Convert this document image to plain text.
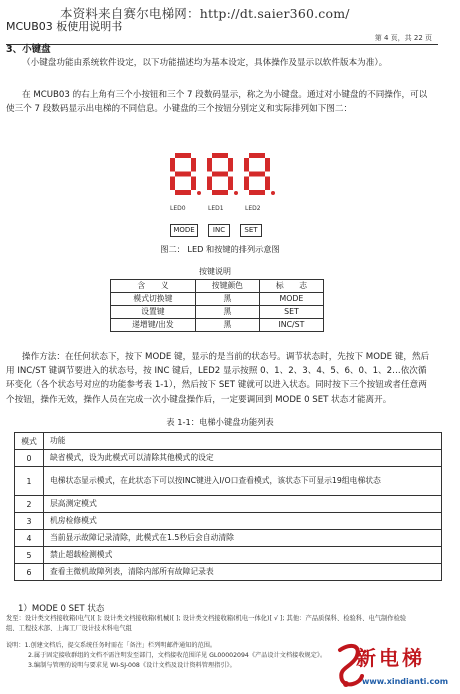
本资料来自赛尔电梯网：http://dt.saier360.com/
MCUB03 板使用说明书
第 4 页，共 22 页
3、小键盘
（小键盘功能由系统软件设定，以下功能描述均为基本设定，具体操作及显示以软件版本为准）。
在 MCUB03 的右上角有三个小按钮和三个 7 段数码显示，称之为小键盘。通过对小键盘的不同操作，可以使三个 7 段数码显示出电梯的不同信息。小键盘的三个按钮分别定义和实际排列如下图二：
LED0	LED1	LED2
MODE	INC	SET
图二： LED 和按键的排列示意图
按键说明
含　　义	按键颜色	标　　志
模式切换键	黑	MODE
设置键	黑	SET
递增键/出发	黑	INC/ST
操作方法：在任何状态下，按下 MODE 键，显示的是当前的状态号。调节状态时，先按下 MODE 键，然后用 INC/ST 键调节要进入的状态号，按 INC 键后，LED2 显示按照 0、1、2、3、4、5、6、0、1、2…依次循环变化（各个状态号对应的功能参考表 1-1），然后按下 SET 键就可以进入状态。同时按下三个按钮或者任意两个按钮，操作无效，操作人员在完成一次小键盘操作后，一定要调回到 MODE 0 SET 状态才能离开。
表 1-1：电梯小键盘功能列表
模式	功能
0	缺省模式，设为此模式可以清除其他模式的设定
1	电梯状态显示模式，在此状态下可以按INC键进入I/O口查看模式，该状态下可显示19组电梯状态
2	层高测定模式
3	机房检修模式
4	当前显示故障记录清除，此模式在1.5秒后会自动清除
5	禁止超载检测模式
6	查看主微机故障列表，清除内部所有故障记录表
1）MODE 0 SET 状态
发至：设计类文档接收箱(电气)[ ]; 设计类文档接收箱(机械)[ ]; 设计类文档接收箱(机电一体化)[ √ ]; 其他：产品质保科、检验科、电气制作检验组、工程技术部、上海工厂设计技术科电气组
说明： 1.创建文档后，提交系统任务时需在「备注」栏列明邮件通知的范围。
2.属于固定接收群组的文档不需注明发至部门，文档接收范围详见 GL00002094《产品设计文档接收规定》。
3.编制与管理的说明与要求见 WI-SJ-008《设计文档及设计资料管理指引》。	新电梯
www.xindianti.com
